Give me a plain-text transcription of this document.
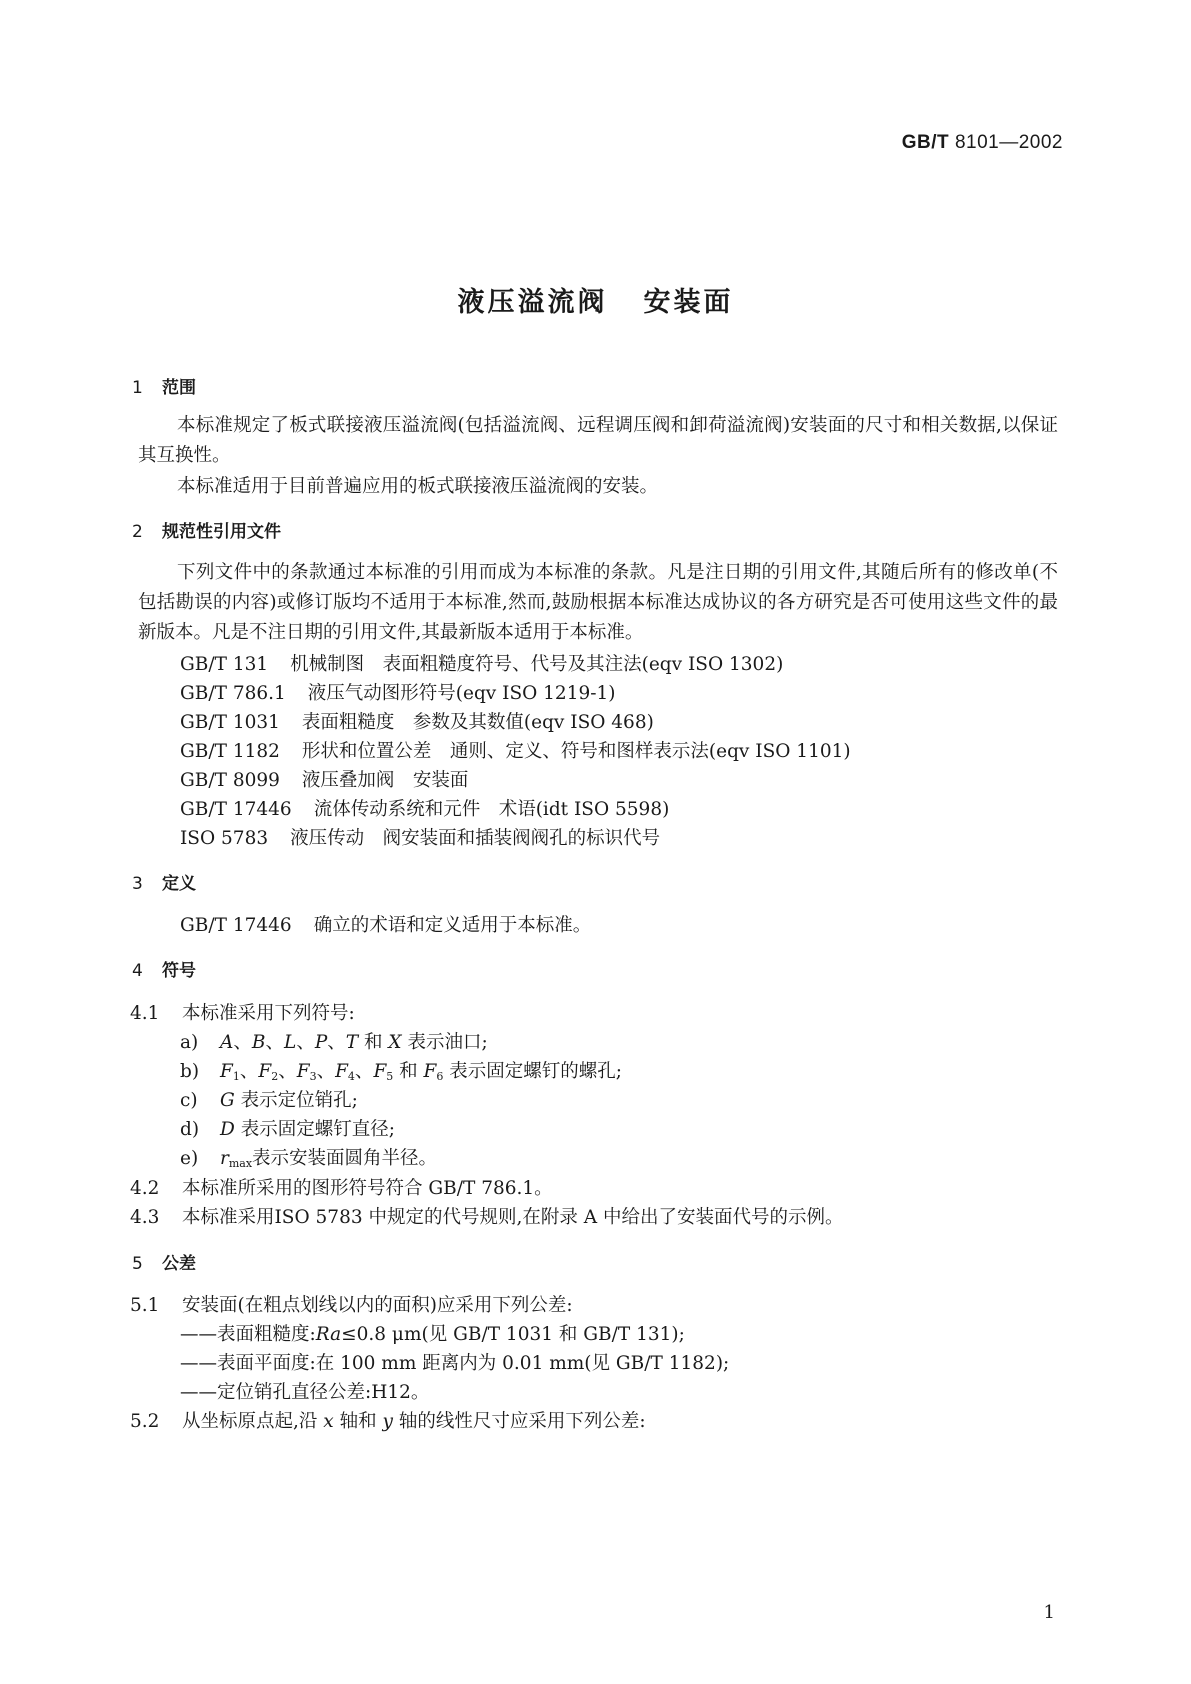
GB/T 8101—2002
液压溢流阀 安装面
1 范围
本标准规定了板式联接液压溢流阀(包括溢流阀、远程调压阀和卸荷溢流阀)安装面的尺寸和相关数据,以保证其互换性。
本标准适用于目前普遍应用的板式联接液压溢流阀的安装。
2 规范性引用文件
下列文件中的条款通过本标准的引用而成为本标准的条款。凡是注日期的引用文件,其随后所有的修改单(不包括勘误的内容)或修订版均不适用于本标准,然而,鼓励根据本标准达成协议的各方研究是否可使用这些文件的最新版本。凡是不注日期的引用文件,其最新版本适用于本标准。
GB/T 131 机械制图　表面粗糙度符号、代号及其注法(eqv ISO 1302)
GB/T 786.1 液压气动图形符号(eqv ISO 1219-1)
GB/T 1031 表面粗糙度　参数及其数值(eqv ISO 468)
GB/T 1182 形状和位置公差　通则、定义、符号和图样表示法(eqv ISO 1101)
GB/T 8099 液压叠加阀　安装面
GB/T 17446 流体传动系统和元件　术语(idt ISO 5598)
ISO 5783 液压传动　阀安装面和插装阀阀孔的标识代号
3 定义
GB/T 17446 确立的术语和定义适用于本标准。
4 符号
4.1 本标准采用下列符号:
a) A、B、L、P、T 和 X 表示油口;
b) $F_1$、$F_2$、$F_3$、$F_4$、$F_5$ 和 $F_6$ 表示固定螺钉的螺孔;
c) G 表示定位销孔;
d) D 表示固定螺钉直径;
e) $r_{max}$表示安装面圆角半径。
4.2 本标准所采用的图形符号符合 GB/T 786.1。
4.3 本标准采用ISO 5783 中规定的代号规则,在附录 A 中给出了安装面代号的示例。
5 公差
5.1 安装面(在粗点划线以内的面积)应采用下列公差:
——表面粗糙度:Ra≤0.8 μm(见 GB/T 1031 和 GB/T 131);
——表面平面度:在 100 mm 距离内为 0.01 mm(见 GB/T 1182);
——定位销孔直径公差:H12。
5.2 从坐标原点起,沿 x 轴和 y 轴的线性尺寸应采用下列公差:
1
